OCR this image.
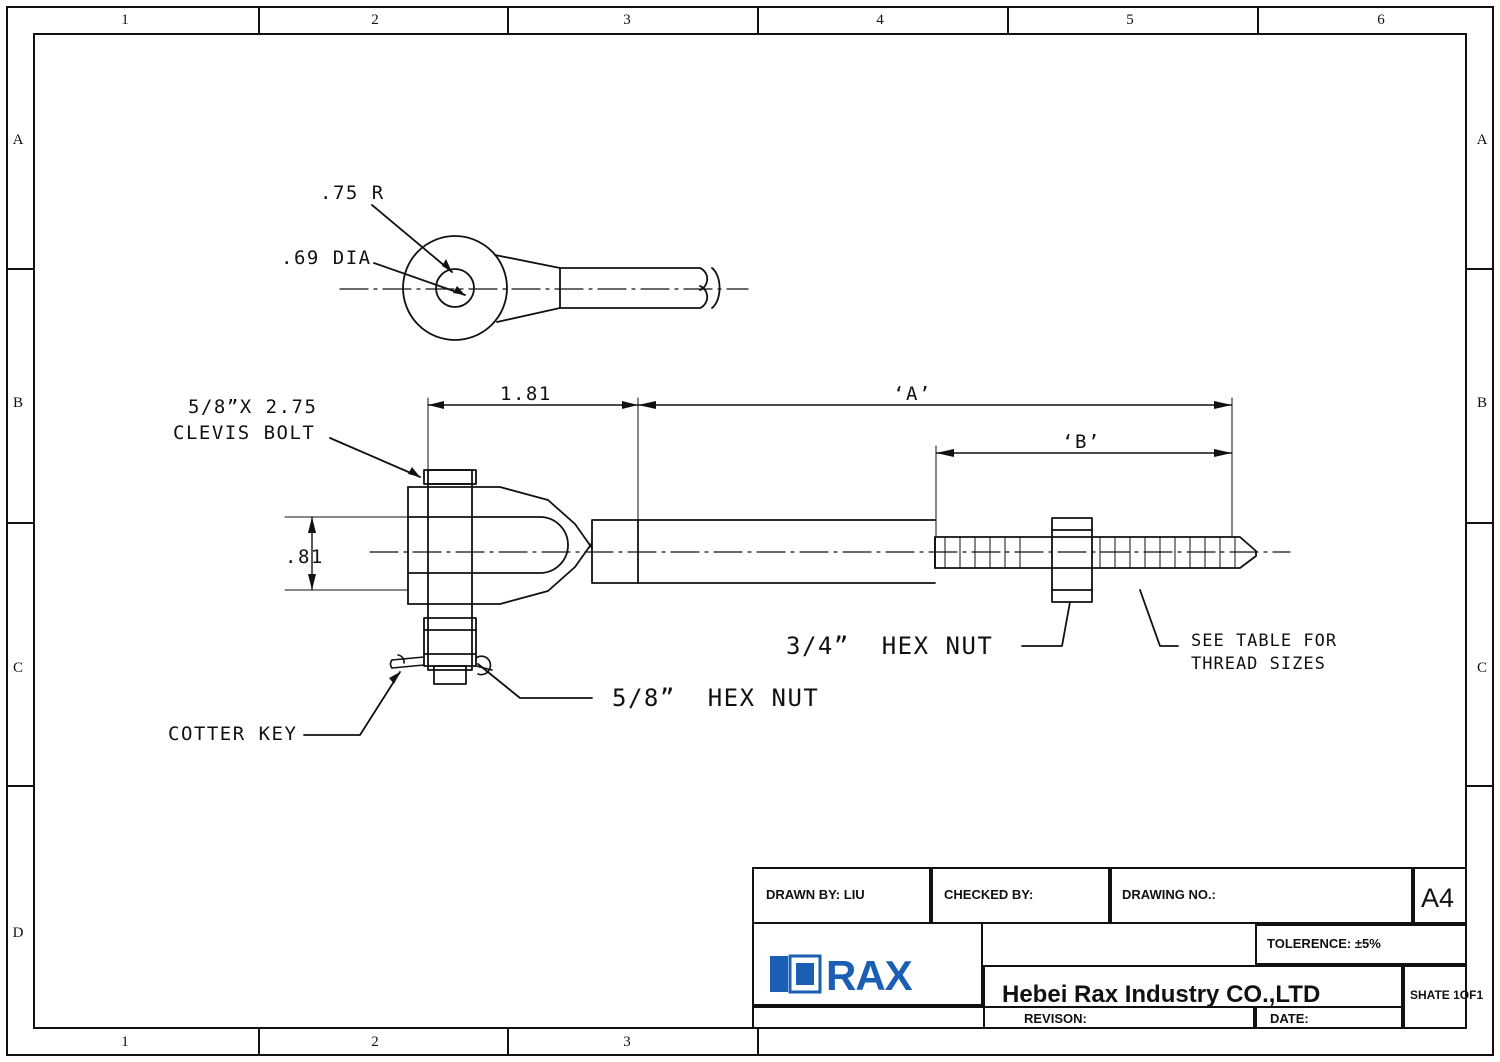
1	2	3	4	5	6
1	2	3
A
B
C
D
A
B
C
.75 R
.69 DIA
5/8”X 2.75
CLEVIS BOLT
1.81	‘A’
‘B’
.81
3/4”  HEX NUT
5/8”  HEX NUT
SEE TABLE FOR
THREAD SIZES
COTTER KEY
DRAWN BY: LIU	CHECKED BY:	DRAWING NO.:	A4
TOLERENCE: ±5%
Hebei Rax Industry CO.,LTD	SHATE 1OF1
REVISON:	DATE:
RAX
